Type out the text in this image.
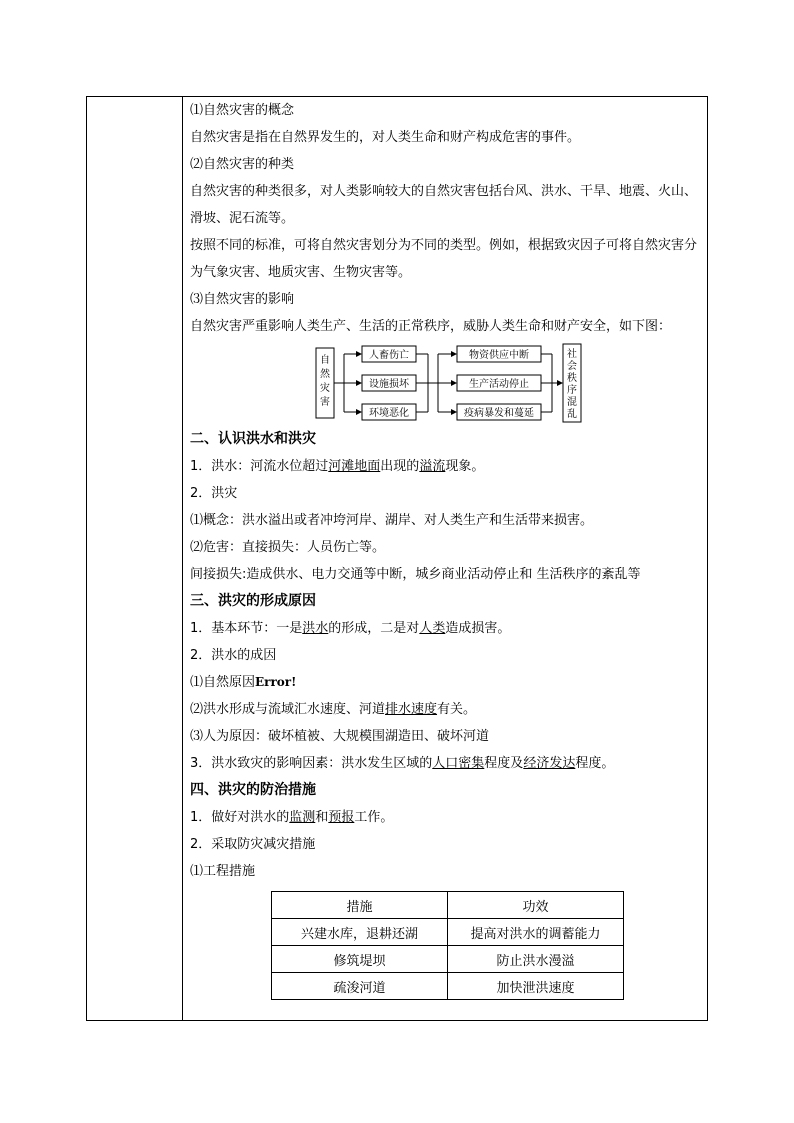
⑴自然灾害的概念
自然灾害是指在自然界发生的，对人类生命和财产构成危害的事件。
⑵自然灾害的种类
自然灾害的种类很多，对人类影响较大的自然灾害包括台风、洪水、干旱、地震、火山、滑坡、泥石流等。
按照不同的标准，可将自然灾害划分为不同的类型。例如，根据致灾因子可将自然灾害分为气象灾害、地质灾害、生物灾害等。
⑶自然灾害的影响
自然灾害严重影响人类生产、生活的正常秩序，威胁人类生命和财产安全，如下图：
自
然
灾
害
人畜伤亡
设施损坏
环境恶化
物资供应中断
生产活动停止
疫病暴发和蔓延
社
会
秩
序
混
乱
二、认识洪水和洪灾
1．洪水：河流水位超过河滩地面出现的溢流现象。
2．洪灾
⑴概念：洪水溢出或者冲垮河岸、湖岸、对人类生产和生活带来损害。
⑵危害：直接损失：人员伤亡等。
间接损失:造成供水、电力交通等中断，城乡商业活动停止和 生活秩序的紊乱等
三、洪灾的形成原因
1．基本环节：一是洪水的形成，二是对人类造成损害。
2．洪水的成因
⑴自然原因Error!
⑵洪水形成与流域汇水速度、河道排水速度有关。
⑶人为原因：破坏植被、大规模围湖造田、破坏河道
3．洪水致灾的影响因素：洪水发生区域的人口密集程度及经济发达程度。
四、洪灾的防治措施
1．做好对洪水的监测和预报工作。
2．采取防灾减灾措施
⑴工程措施
措施	功效
兴建水库，退耕还湖	提高对洪水的调蓄能力
修筑堤坝	防止洪水漫溢
疏浚河道	加快泄洪速度
